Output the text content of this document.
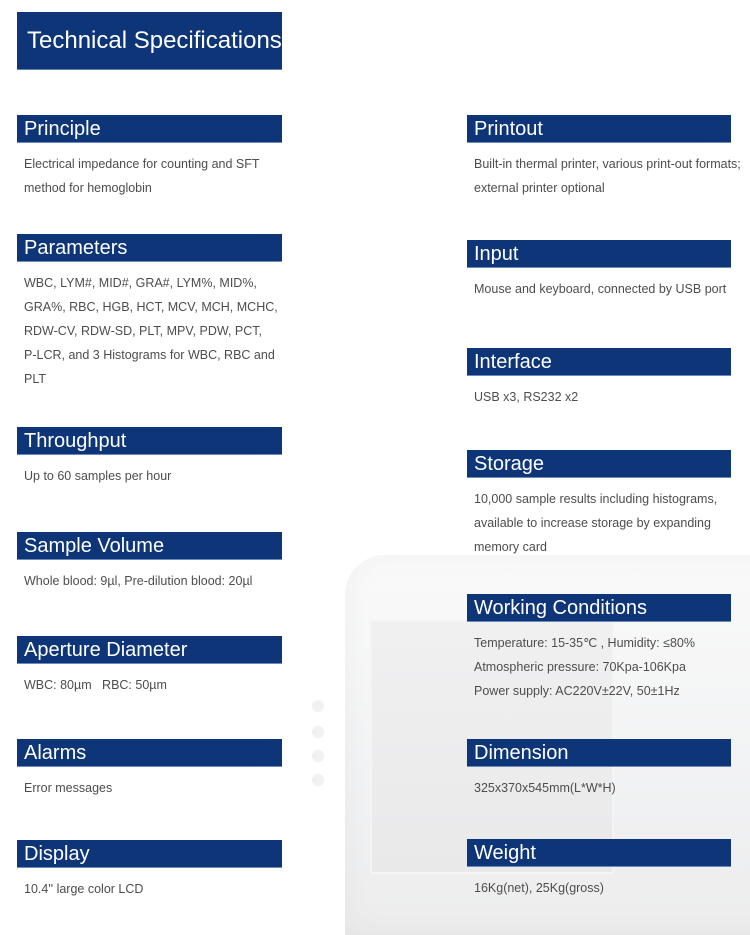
Technical Specifications
Principle
Electrical impedance for counting and SFT
method for hemoglobin
Parameters
WBC, LYM#, MID#, GRA#, LYM%, MID%,
GRA%, RBC, HGB, HCT, MCV, MCH, MCHC,
RDW-CV, RDW-SD, PLT, MPV, PDW, PCT,
P-LCR, and 3 Histograms for WBC, RBC and
PLT
Throughput
Up to 60 samples per hour
Sample Volume
Whole blood: 9µl, Pre-dilution blood: 20µl
Aperture Diameter
WBC: 80µm   RBC: 50µm
Alarms
Error messages
Display
10.4'' large color LCD
Printout
Built-in thermal printer, various print-out formats;
external printer optional
Input
Mouse and keyboard, connected by USB port
Interface
USB x3, RS232 x2
Storage
10,000 sample results including histograms,
available to increase storage by expanding
memory card
Working Conditions
Temperature: 15-35℃ , Humidity: ≤80%
Atmospheric pressure: 70Kpa-106Kpa
Power supply: AC220V±22V, 50±1Hz
Dimension
325x370x545mm(L*W*H)
Weight
16Kg(net), 25Kg(gross)
